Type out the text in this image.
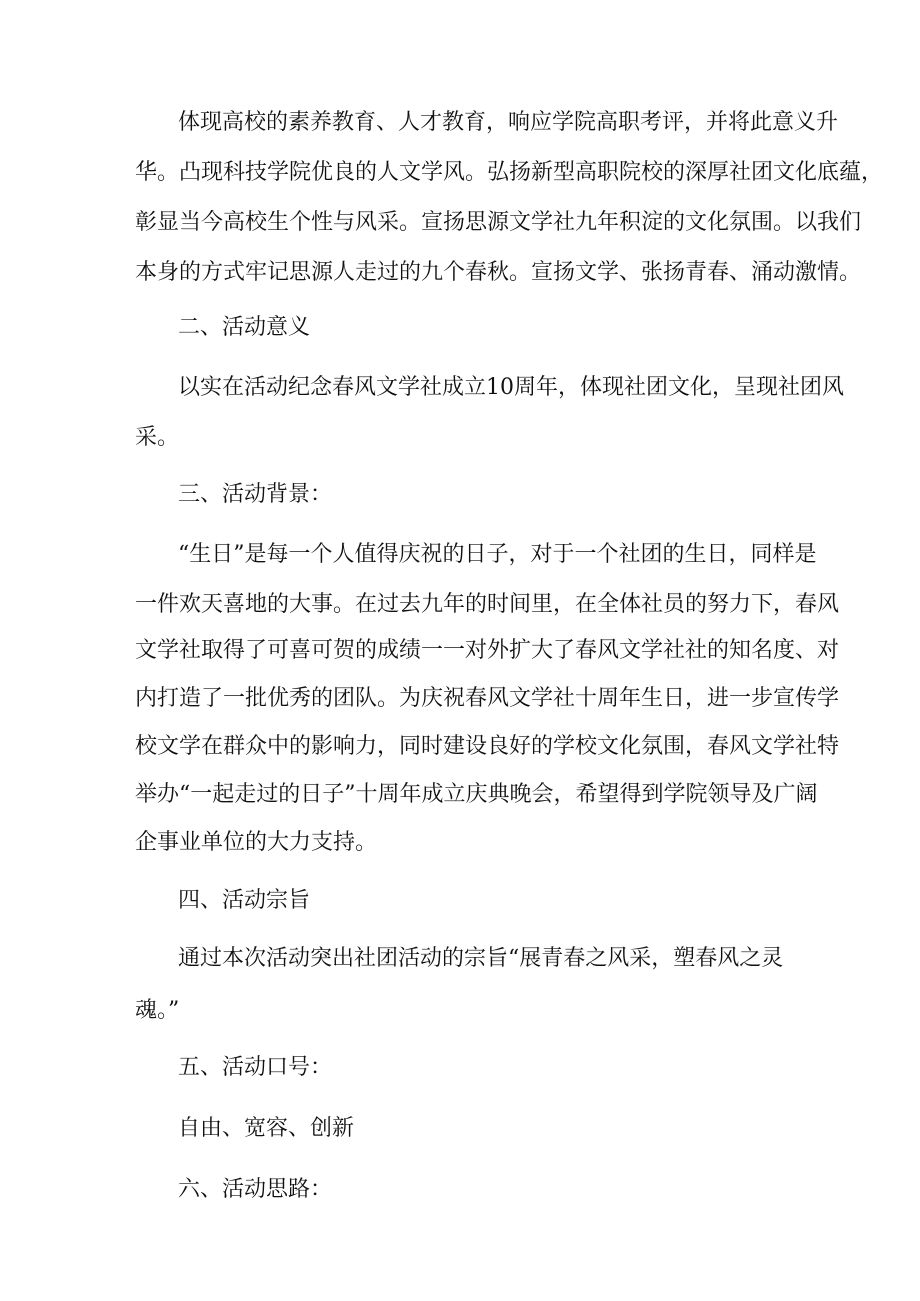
体现高校的素养教育、人才教育，响应学院高职考评，并将此意义升

华。凸现科技学院优良的人文学风。弘扬新型高职院校的深厚社团文化底蕴，

彰显当今高校生个性与风采。宣扬思源文学社九年积淀的文化氛围。以我们

本身的方式牢记思源人走过的九个春秋。宣扬文学、张扬青春、涌动激情。

二、活动意义

以实在活动纪念春风文学社成立10周年，体现社团文化，呈现社团风

采。

三、活动背景：

“生日”是每一个人值得庆祝的日子，对于一个社团的生日，同样是

一件欢天喜地的大事。在过去九年的时间里，在全体社员的努力下，春风

文学社取得了可喜可贺的成绩一一对外扩大了春风文学社社的知名度、对

内打造了一批优秀的团队。为庆祝春风文学社十周年生日，进一步宣传学

校文学在群众中的影响力，同时建设良好的学校文化氛围，春风文学社特

举办“一起走过的日子”十周年成立庆典晚会，希望得到学院领导及广阔

企事业单位的大力支持。

四、活动宗旨

通过本次活动突出社团活动的宗旨“展青春之风采，塑春风之灵

魂。”

五、活动口号：

自由、宽容、创新

六、活动思路：
